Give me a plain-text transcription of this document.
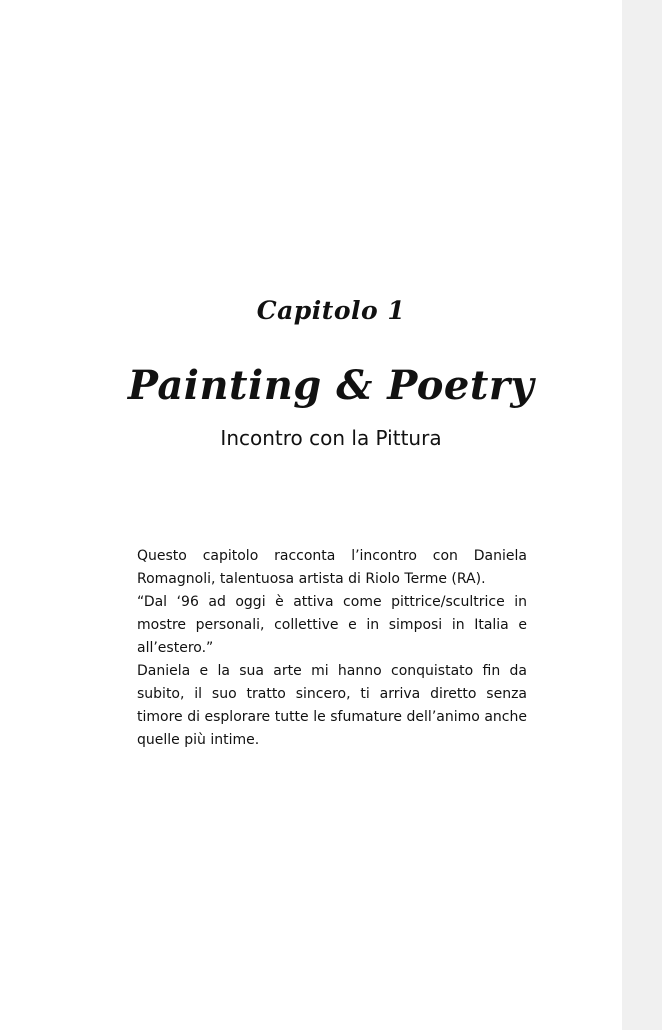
Capitolo 1
Painting & Poetry
Incontro con la Pittura

Questo capitolo racconta l’incontro con Daniela Romagnoli, talentuosa artista di Riolo Terme (RA).

“Dal ‘96 ad oggi è attiva come pittrice/scultrice in mostre personali, collettive e in simposi in Italia e all’estero.”

Daniela e la sua arte mi hanno conquistato fin da subito, il suo tratto sincero, ti arriva diretto senza timore di esplorare tutte le sfumature dell’animo anche quelle più intime.
